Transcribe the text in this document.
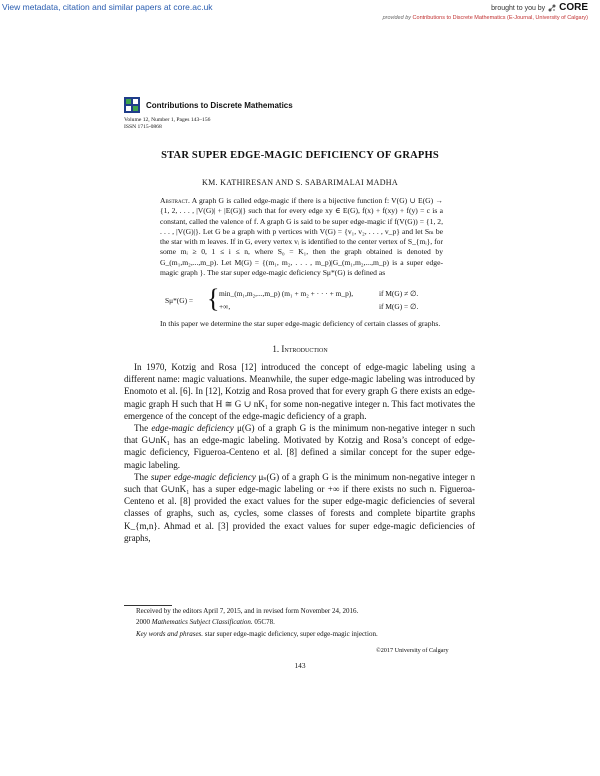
View metadata, citation and similar papers at core.ac.uk	brought to you by CORE
provided by Contributions to Discrete Mathematics (E-Journal, University of Calgary)
Contributions to Discrete Mathematics
Volume 12, Number 1, Pages 143–156
ISSN 1715-0868
STAR SUPER EDGE-MAGIC DEFICIENCY OF GRAPHS
KM. KATHIRESAN AND S. SABARIMALAI MADHA

Abstract. A graph G is called edge-magic if there is a bijective function f: V(G) ∪ E(G) → {1, 2, . . . , |V(G)| + |E(G)|} such that for every edge xy ∈ E(G), f(x) + f(xy) + f(y) = c is a constant, called the valence of f. A graph G is said to be super edge-magic if f(V(G)) = {1, 2, . . . , |V(G)|}. Let G be a graph with p vertices with V(G) = {v₁, v₂, . . . , v_p} and let Sₘ be the star with m leaves. If in G, every vertex vᵢ is identified to the center vertex of S_{mᵢ}, for some mᵢ ≥ 0, 1 ≤ i ≤ n, where S₀ = K₁, then the graph obtained is denoted by G_(m₁,m₂,...,m_p). Let M(G) = {(m₁, m₂, . . . , m_p)|G_(m₁,m₂,...,m_p) is a super edge-magic graph }. The star super edge-magic deficiency Sμ*(G) is defined as

Sμ*(G) = { min_(m₁,m₂,...,m_p) (m₁ + m₂ + · · · + m_p),	if M(G) ≠ ∅.
+∞,	if M(G) = ∅.
In this paper we determine the star super edge-magic deficiency of certain classes of graphs.
1. Introduction

In 1970, Kotzig and Rosa [12] introduced the concept of edge-magic labeling using a different name: magic valuations. Meanwhile, the super edge-magic labeling was introduced by Enomoto et al. [6]. In [12], Kotzig and Rosa proved that for every graph G there exists an edge-magic graph H such that H ≅ G ∪ nK₁ for some non-negative integer n. This fact motivates the emergence of the concept of the edge-magic deficiency of a graph.

The edge-magic deficiency μ(G) of a graph G is the minimum non-negative integer n such that G∪nK₁ has an edge-magic labeling. Motivated by Kotzig and Rosa’s concept of edge-magic deficiency, Figueroa-Centeno et al. [8] defined a similar concept for the super edge-magic labeling.

The super edge-magic deficiency μₛ(G) of a graph G is the minimum non-negative integer n such that G∪nK₁ has a super edge-magic labeling or +∞ if there exists no such n. Figueroa-Centeno et al. [8] provided the exact values for the super edge-magic deficiencies of several classes of graphs, such as, cycles, some classes of forests and complete bipartite graphs K_{m,n}. Ahmad et al. [3] provided the exact values for super edge-magic deficiencies of graphs,

Received by the editors April 7, 2015, and in revised form November 24, 2016.

2000 Mathematics Subject Classification. 05C78.

Key words and phrases. star super edge-magic deficiency, super edge-magic injection.

©2017 University of Calgary
143
